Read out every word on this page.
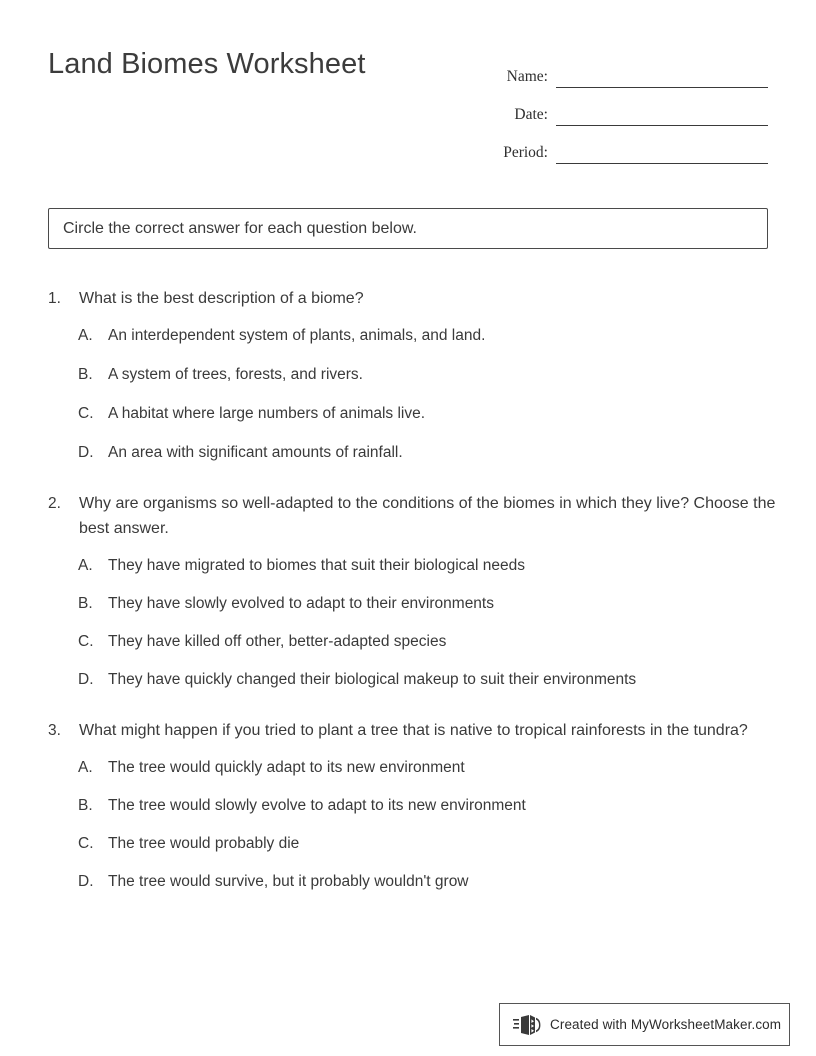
Land Biomes Worksheet	Name:
Date:
Period:
Circle the correct answer for each question below.
1.	What is the best description of a biome?
A. An interdependent system of plants, animals, and land.
B. A system of trees, forests, and rivers.
C. A habitat where large numbers of animals live.
D. An area with significant amounts of rainfall.
2.	Why are organisms so well-adapted to the conditions of the biomes in which they live? Choose the best answer.
A. They have migrated to biomes that suit their biological needs
B. They have slowly evolved to adapt to their environments
C. They have killed off other, better-adapted species
D. They have quickly changed their biological makeup to suit their environments
3.	What might happen if you tried to plant a tree that is native to tropical rainforests in the tundra?
A. The tree would quickly adapt to its new environment
B. The tree would slowly evolve to adapt to its new environment
C. The tree would probably die
D. The tree would survive, but it probably wouldn't grow
Created with MyWorksheetMaker.com
